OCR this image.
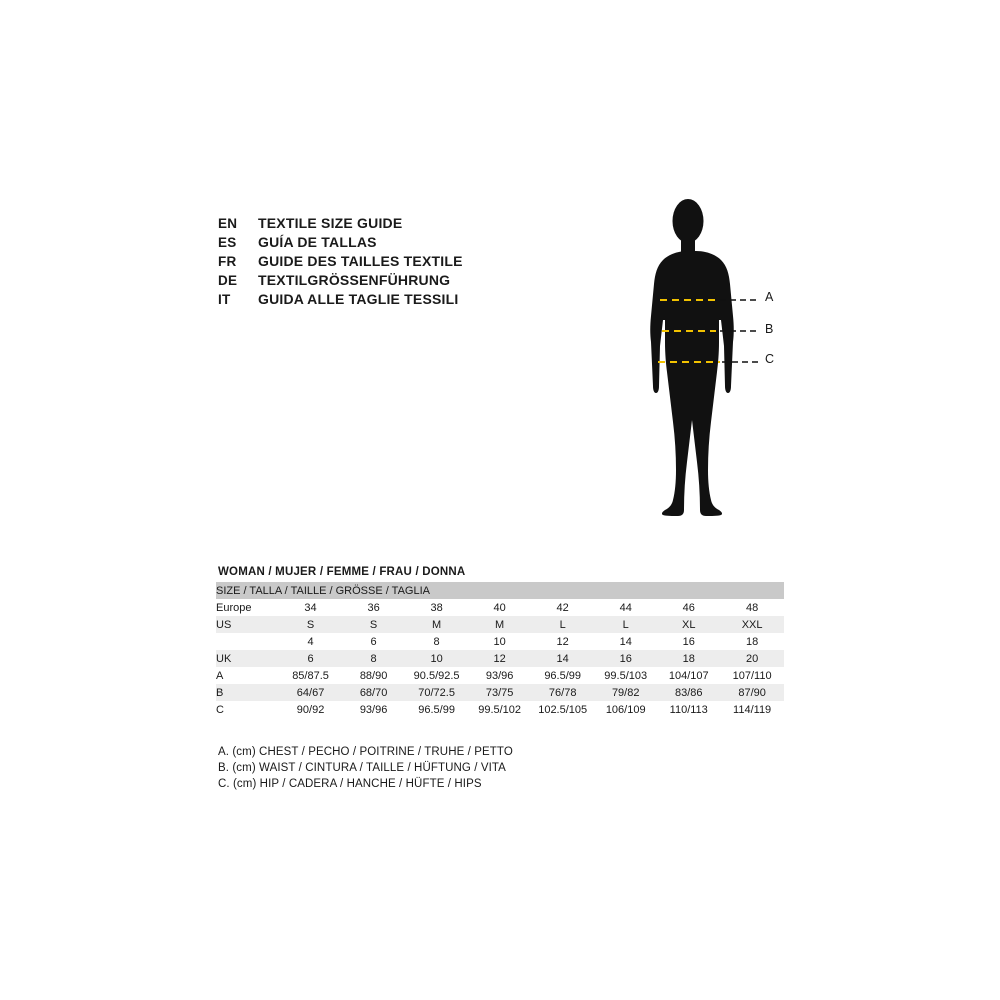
EN	TEXTILE SIZE GUIDE
ES	GUÍA DE TALLAS
FR	GUIDE DES TAILLES TEXTILE
DE	TEXTILGRÖSSENFÜHRUNG
IT	GUIDA ALLE TAGLIE TESSILI	A
B
C
WOMAN / MUJER / FEMME / FRAU / DONNA
SIZE / TALLA / TAILLE / GRÖSSE / TAGLIA								
Europe	34	36	38	40	42	44	46	48
US	S	S	M	M	L	L	XL	XXL
	4	6	8	10	12	14	16	18
UK	6	8	10	12	14	16	18	20
A	85/87.5	88/90	90.5/92.5	93/96	96.5/99	99.5/103	104/107	107/110
B	64/67	68/70	70/72.5	73/75	76/78	79/82	83/86	87/90
C	90/92	93/96	96.5/99	99.5/102	102.5/105	106/109	110/113	114/119
A. (cm) CHEST / PECHO / POITRINE / TRUHE / PETTO
B. (cm) WAIST / CINTURA / TAILLE / HÜFTUNG / VITA
C. (cm) HIP / CADERA / HANCHE / HÜFTE / HIPS
